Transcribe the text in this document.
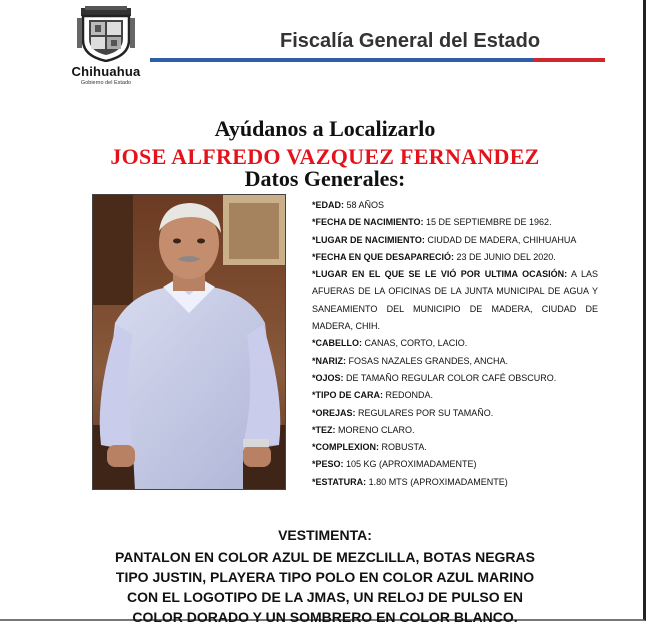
Chihuahua
Gobierno del Estado
Fiscalía General del Estado
Ayúdanos a Localizarlo
JOSE ALFREDO VAZQUEZ FERNANDEZ
Datos Generales:
*EDAD: 58 AÑOS
*FECHA DE NACIMIENTO: 15 DE SEPTIEMBRE DE 1962.
*LUGAR DE NACIMIENTO: CIUDAD DE MADERA, CHIHUAHUA
*FECHA EN QUE DESAPARECIÓ: 23 DE JUNIO DEL 2020.
*LUGAR EN EL QUE SE LE VIÓ POR ULTIMA OCASIÓN: A LAS AFUERAS DE LA OFICINAS DE LA JUNTA MUNICIPAL DE AGUA Y SANEAMIENTO DEL MUNICIPIO DE MADERA, CIUDAD DE MADERA, CHIH.
*CABELLO: CANAS, CORTO, LACIO.
*NARIZ: FOSAS NAZALES GRANDES, ANCHA.
*OJOS: DE TAMAÑO REGULAR COLOR CAFÉ OBSCURO.
*TIPO DE CARA: REDONDA.
*OREJAS: REGULARES POR SU TAMAÑO.
*TEZ: MORENO CLARO.
*COMPLEXION: ROBUSTA.
*PESO: 105 KG (APROXIMADAMENTE)
*ESTATURA: 1.80 MTS (APROXIMADAMENTE)
VESTIMENTA:
PANTALON EN COLOR AZUL DE MEZCLILLA, BOTAS NEGRAS
TIPO JUSTIN, PLAYERA TIPO POLO EN COLOR AZUL MARINO
CON EL LOGOTIPO DE LA JMAS, UN RELOJ DE PULSO EN
COLOR DORADO Y UN SOMBRERO EN COLOR BLANCO.
